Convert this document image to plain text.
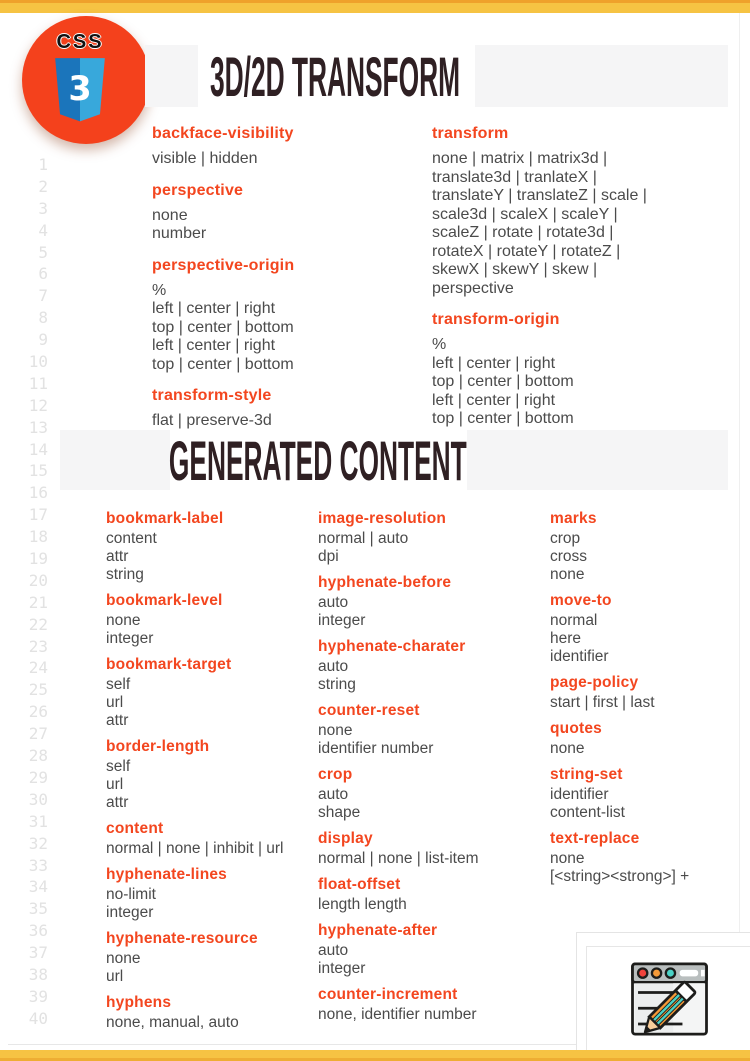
1
2
3
4
5
6
7
8
9
10
11
12
13
14
15
16
17
18
19
20
21
22
23
24
25
26
27
28
29
30
31
32
33
34
35
36
37
38
39
40
CSS
3 3D/2D TRANSFORM
backface-visibility

visible | hidden

perspective

none

number

perspective-origin

%

left | center | right

top | center | bottom

left | center | right

top | center | bottom

transform-style

flat | preserve-3d

transform

none | matrix | matrix3d |

translate3d | tranlateX |

translateY | translateZ | scale |

scale3d | scaleX | scaleY |

scaleZ | rotate | rotate3d |

rotateX | rotateY | rotateZ |

skewX | skewY | skew |

perspective

transform-origin

%

left | center | right

top | center | bottom

left | center | right

top | center | bottom

GENERATED CONTENT
bookmark-label

content

attr

string

bookmark-level

none

integer

bookmark-target

self

url

attr

border-length

self

url

attr

content

normal | none | inhibit | url

hyphenate-lines

no-limit

integer

hyphenate-resource

none

url

hyphens

none, manual, auto

image-resolution

normal | auto

dpi

hyphenate-before

auto

integer

hyphenate-charater

auto

string

counter-reset

none

identifier number

crop

auto

shape

display

normal | none | list-item

float-offset

length length

hyphenate-after

auto

integer

counter-increment

none, identifier number

marks

crop

cross

none

move-to

normal

here

identifier

page-policy

start | first | last

quotes

none

string-set

identifier

content-list

text-replace

none

[<string><strong>] +
